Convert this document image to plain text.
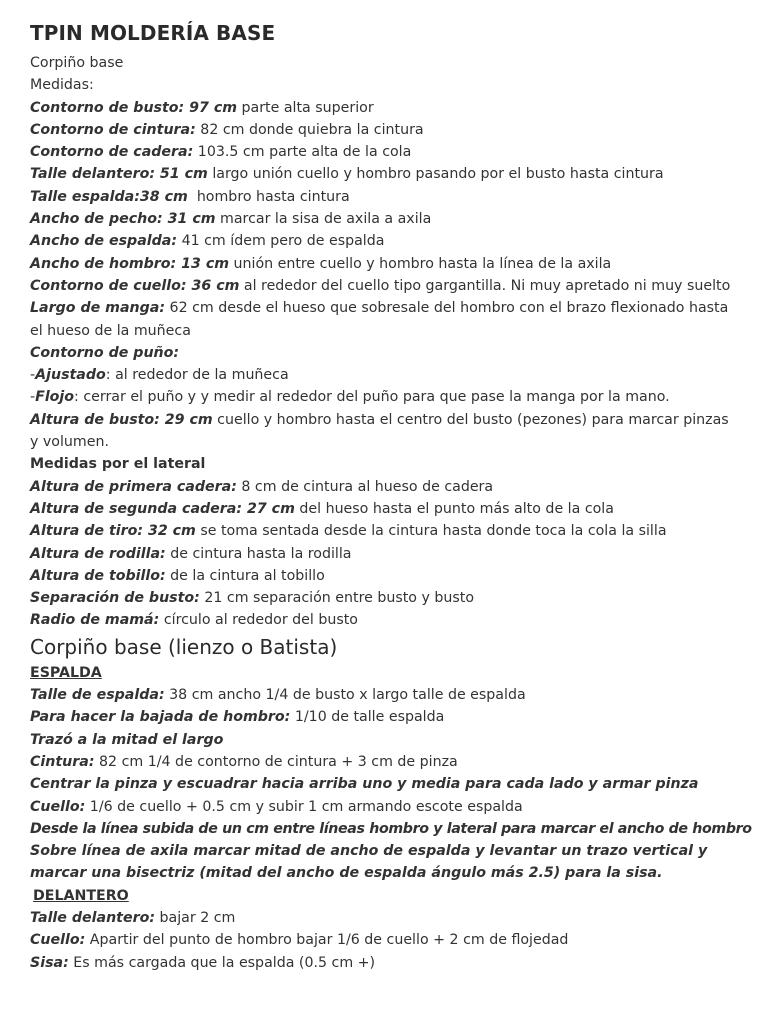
TPIN MOLDERÍA BASE
Corpiño base
Medidas:
Contorno de busto: 97 cm parte alta superior
Contorno de cintura: 82 cm donde quiebra la cintura
Contorno de cadera: 103.5 cm parte alta de la cola
Talle delantero: 51 cm largo unión cuello y hombro pasando por el busto hasta cintura
Talle espalda:38 cm  hombro hasta cintura
Ancho de pecho: 31 cm marcar la sisa de axila a axila
Ancho de espalda: 41 cm ídem pero de espalda
Ancho de hombro: 13 cm unión entre cuello y hombro hasta la línea de la axila
Contorno de cuello: 36 cm al rededor del cuello tipo gargantilla. Ni muy apretado ni muy suelto
Largo de manga: 62 cm desde el hueso que sobresale del hombro con el brazo flexionado hasta el hueso de la muñeca
Contorno de puño:
-Ajustado: al rededor de la muñeca
-Flojo: cerrar el puño y y medir al rededor del puño para que pase la manga por la mano.
Altura de busto: 29 cm cuello y hombro hasta el centro del busto (pezones) para marcar pinzas y volumen.
Medidas por el lateral
Altura de primera cadera: 8 cm de cintura al hueso de cadera
Altura de segunda cadera: 27 cm del hueso hasta el punto más alto de la cola
Altura de tiro: 32 cm se toma sentada desde la cintura hasta donde toca la cola la silla
Altura de rodilla: de cintura hasta la rodilla
Altura de tobillo: de la cintura al tobillo
Separación de busto: 21 cm separación entre busto y busto
Radio de mamá: círculo al rededor del busto
Corpiño base (lienzo o Batista)
ESPALDA
Talle de espalda: 38 cm ancho 1/4 de busto x largo talle de espalda
Para hacer la bajada de hombro: 1/10 de talle espalda
Trazó a la mitad el largo
Cintura: 82 cm 1/4 de contorno de cintura + 3 cm de pinza
Centrar la pinza y escuadrar hacia arriba uno y media para cada lado y armar pinza
Cuello: 1/6 de cuello + 0.5 cm y subir 1 cm armando escote espalda
Desde la línea subida de un cm entre líneas hombro y lateral para marcar el ancho de hombro
Sobre línea de axila marcar mitad de ancho de espalda y levantar un trazo vertical y marcar una bisectriz (mitad del ancho de espalda ángulo más 2.5) para la sisa.
DELANTERO
Talle delantero: bajar 2 cm
Cuello: Apartir del punto de hombro bajar 1/6 de cuello + 2 cm de flojedad
Sisa: Es más cargada que la espalda (0.5 cm +)
